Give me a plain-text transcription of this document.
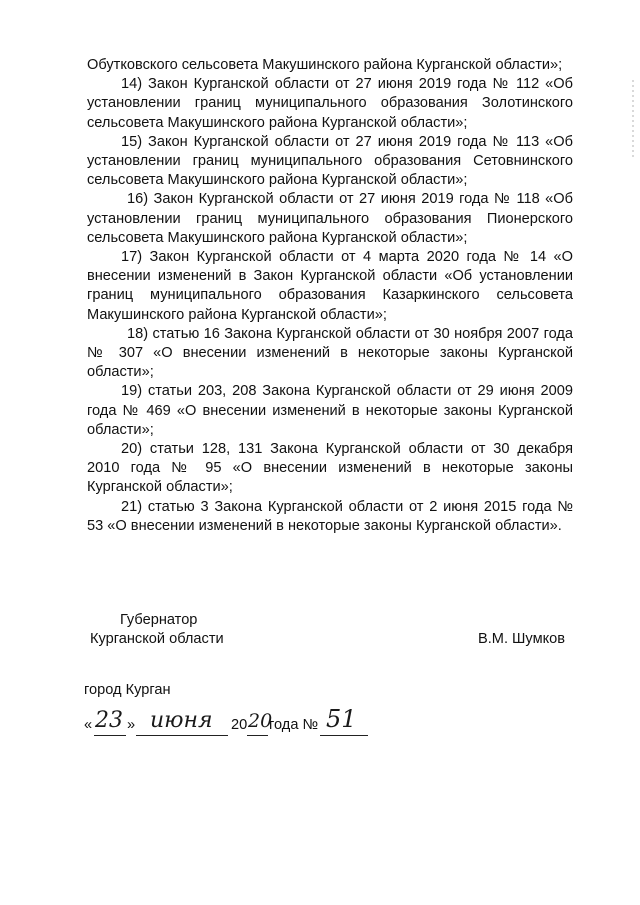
Обутковского сельсовета Макушинского района Курганской области»;

14) Закон Курганской области от 27 июня 2019 года № 112 «Об установлении границ муниципального образования Золотинского сельсовета Макушинского района Курганской области»;

15) Закон Курганской области от 27 июня 2019 года № 113 «Об установлении границ муниципального образования Сетовнинского сельсовета Макушинского района Курганской области»;

16) Закон Курганской области от 27 июня 2019 года № 118 «Об установлении границ муниципального образования Пионерского сельсовета Макушинского района Курганской области»;

17) Закон Курганской области от 4 марта 2020 года № 14 «О внесении изменений в Закон Курганской области «Об установлении границ муниципального образования Казаркинского сельсовета Макушинского района Курганской области»;

18) статью 16 Закона Курганской области от 30 ноября 2007 года № 307 «О внесении изменений в некоторые законы Курганской области»;

19) статьи 203, 208 Закона Курганской области от 29 июня 2009 года № 469 «О внесении изменений в некоторые законы Курганской области»;

20) статьи 128, 131 Закона Курганской области от 30 декабря 2010 года № 95 «О внесении изменений в некоторые законы Курганской области»;

21) статью 3 Закона Курганской области от 2 июня 2015 года № 53 «О внесении изменений в некоторые законы Курганской области».

Губернатор
Курганской области	В.М. Шумков
город Курган
« 23 » июня 20 20
года № 51
